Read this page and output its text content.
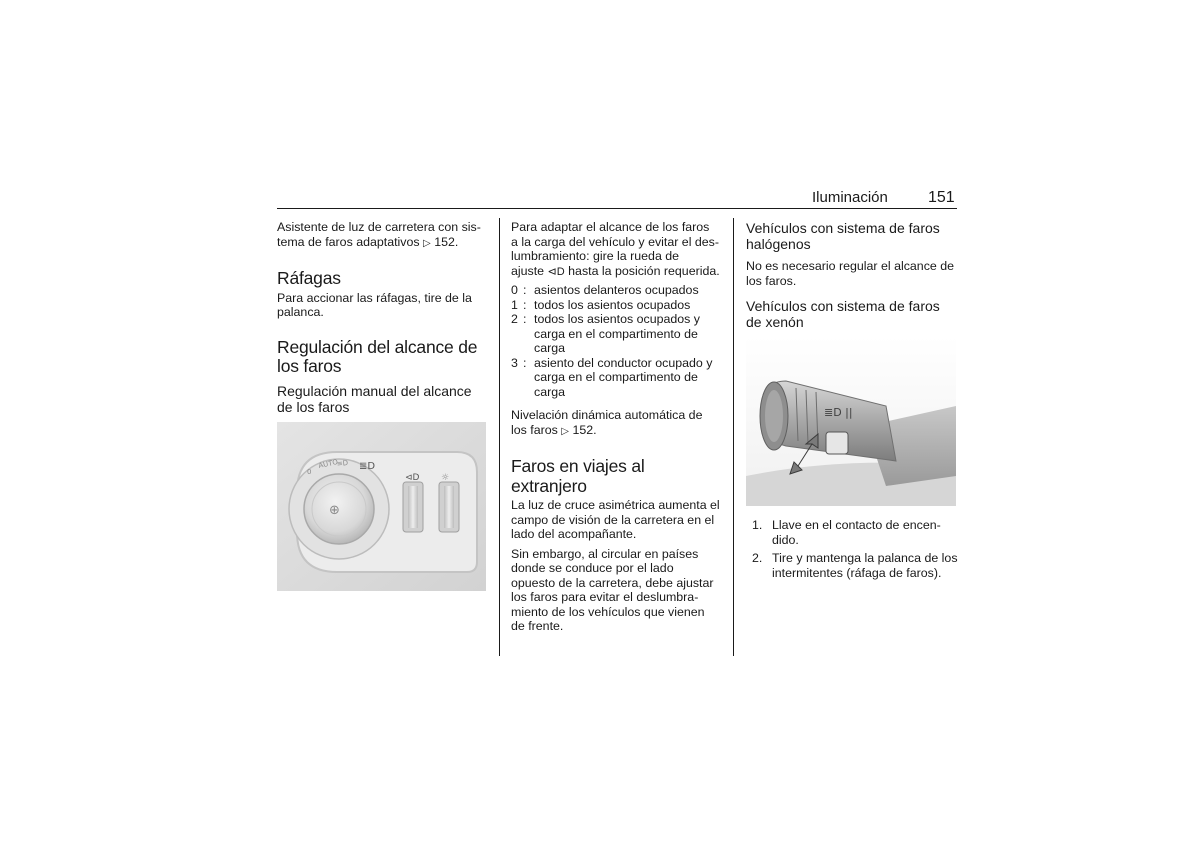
Iluminación	151

Asistente de luz de carretera con sis-
tema de faros adaptativos ▷ 152.

Ráfagas

Para accionar las ráfagas, tire de la
palanca.

Regulación del alcance de
los faros
Regulación manual del alcance
de los faros
⊕
AUTO
≡D ≣D
0
⊲D ☼

Para adaptar el alcance de los faros
a la carga del vehículo y evitar el des-
lumbramiento: gire la rueda de
ajuste ⊲D hasta la posición requerida.

0 : asientos delanteros ocupados
1 : todos los asientos ocupados
2 : todos los asientos ocupados y
carga en el compartimento de
carga
3 : asiento del conductor ocupado y
carga en el compartimento de
carga

Nivelación dinámica automática de
los faros ▷ 152.

Faros en viajes al extranjero

La luz de cruce asimétrica aumenta el
campo de visión de la carretera en el
lado del acompañante.

Sin embargo, al circular en países
donde se conduce por el lado
opuesto de la carretera, debe ajustar
los faros para evitar el deslumbra-
miento de los vehículos que vienen
de frente.

Vehículos con sistema de faros
halógenos

No es necesario regular el alcance de
los faros.

Vehículos con sistema de faros
de xenón
≣D ||
1. Llave en el contacto de encen-
dido.
2. Tire y mantenga la palanca de los
intermitentes (ráfaga de faros).
